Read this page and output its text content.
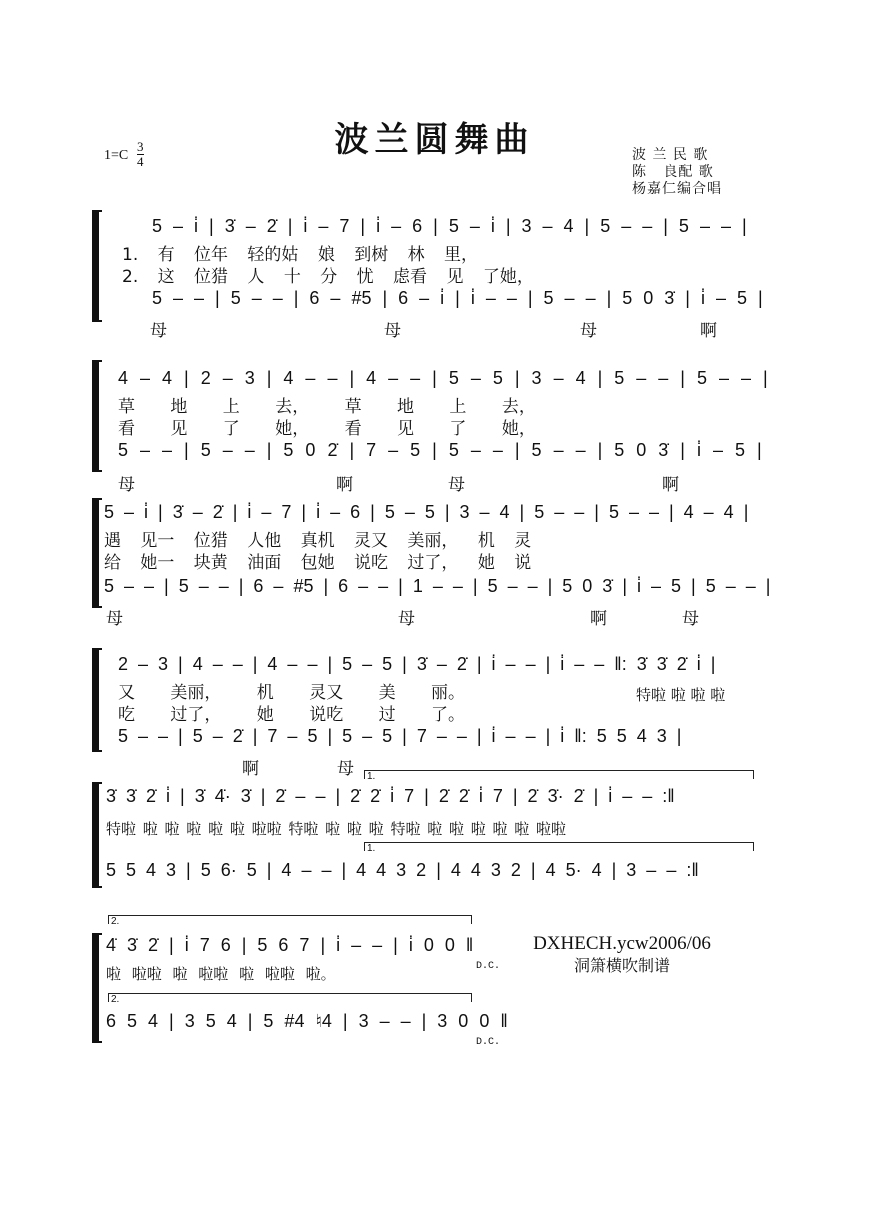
波兰圆舞曲
$1=C \frac{3}{4}$	波 兰 民 歌
陈   良配 歌
杨嘉仁编合唱
5 – i̇ | 3̇ – 2̇ | i̇ – 7 | i̇ – 6 | 5 – i̇ | 3 – 4 | 5 – – | 5 – – |
1. 有 位年 轻的姑 娘 到树 林 里，
2. 这 位猎 人 十 分 忧 虑看 见 了她，
5 – – | 5 – – | 6 – #5 | 6 – i̇ | i̇ – – | 5 – – | 5 0 3̇ | i̇ – 5 |
母	母	母	啊
4 – 4 | 2 – 3 | 4 – – | 4 – – | 5 – 5 | 3 – 4 | 5 – – | 5 – – |
草 地 上 去， 草 地 上 去，
看 见 了 她， 看 见 了 她，
5 – – | 5 – – | 5 0 2̇ | 7 – 5 | 5 – – | 5 – – | 5 0 3̇ | i̇ – 5 |
母	啊	母	啊
5 – i̇ | 3̇ – 2̇ | i̇ – 7 | i̇ – 6 | 5 – 5 | 3 – 4 | 5 – – | 5 – – | 4 – 4 |
遇 见一 位猎 人他 真机 灵又 美丽， 机 灵
给 她一 块黄 油面 包她 说吃 过了， 她 说
5 – – | 5 – – | 6 – #5 | 6 – – | 1 – – | 5 – – | 5 0 3̇ | i̇ – 5 | 5 – – |
母	母	啊	母
2 – 3 | 4 – – | 4 – – | 5 – 5 | 3̇ – 2̇ | i̇ – – | i̇ – – ‖: 3̇ 3̇ 2̇ i̇ |
又 美丽， 机 灵又 美 丽。
吃 过了， 她 说吃 过 了。
特啦 啦 啦 啦
5 – – | 5 – 2̇ | 7 – 5 | 5 – 5 | 7 – – | i̇ – – | i̇ ‖: 5 5 4 3 |
啊	母 1.
3̇ 3̇ 2̇ i̇ | 3̇ 4̇· 3̇ | 2̇ – – | 2̇ 2̇ i̇ 7 | 2̇ 2̇ i̇ 7 | 2̇ 3̇· 2̇ | i̇ – – :‖
特啦 啦 啦 啦 啦 啦 啦啦 特啦 啦 啦 啦 特啦 啦 啦 啦 啦 啦 啦啦
1.
5 5 4 3 | 5 6· 5 | 4 – – | 4 4 3 2 | 4 4 3 2 | 4 5· 4 | 3 – – :‖
2.
4̇ 3̇ 2̇ | i̇ 7 6 | 5 6 7 | i̇ – – | i̇ 0 0 ‖
啦 啦啦 啦 啦啦 啦 啦啦 啦。	D.C.
2.
6 5 4 | 3 5 4 | 5 #4 ♮4 | 3 – – | 3 0 0 ‖
D.C.
DXHECH.ycw2006/06
洞箫横吹制谱
